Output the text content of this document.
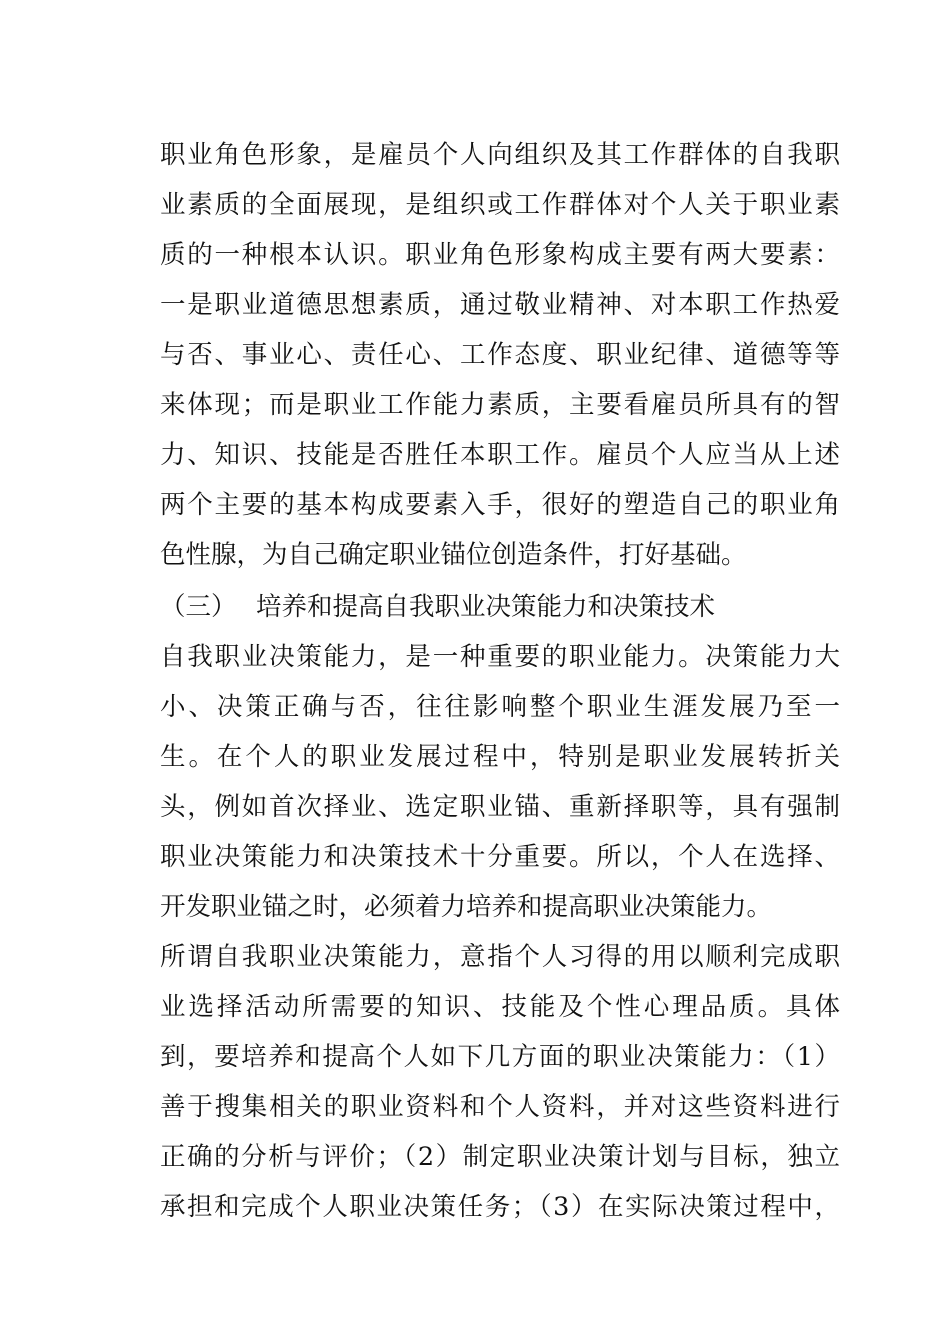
职业角色形象，是雇员个人向组织及其工作群体的自我职
业素质的全面展现，是组织或工作群体对个人关于职业素
质的一种根本认识。职业角色形象构成主要有两大要素：
一是职业道德思想素质，通过敬业精神、对本职工作热爱
与否、事业心、责任心、工作态度、职业纪律、道德等等
来体现；而是职业工作能力素质，主要看雇员所具有的智
力、知识、技能是否胜任本职工作。雇员个人应当从上述
两个主要的基本构成要素入手，很好的塑造自己的职业角
色性腺，为自己确定职业锚位创造条件，打好基础。
（三） 培养和提高自我职业决策能力和决策技术
自我职业决策能力，是一种重要的职业能力。决策能力大
小、决策正确与否，往往影响整个职业生涯发展乃至一
生。在个人的职业发展过程中，特别是职业发展转折关
头，例如首次择业、选定职业锚、重新择职等，具有强制
职业决策能力和决策技术十分重要。所以，个人在选择、
开发职业锚之时，必须着力培养和提高职业决策能力。
所谓自我职业决策能力，意指个人习得的用以顺利完成职
业选择活动所需要的知识、技能及个性心理品质。具体
到，要培养和提高个人如下几方面的职业决策能力：（1）
善于搜集相关的职业资料和个人资料，并对这些资料进行
正确的分析与评价；（2）制定职业决策计划与目标，独立
承担和完成个人职业决策任务；（3）在实际决策过程中，
